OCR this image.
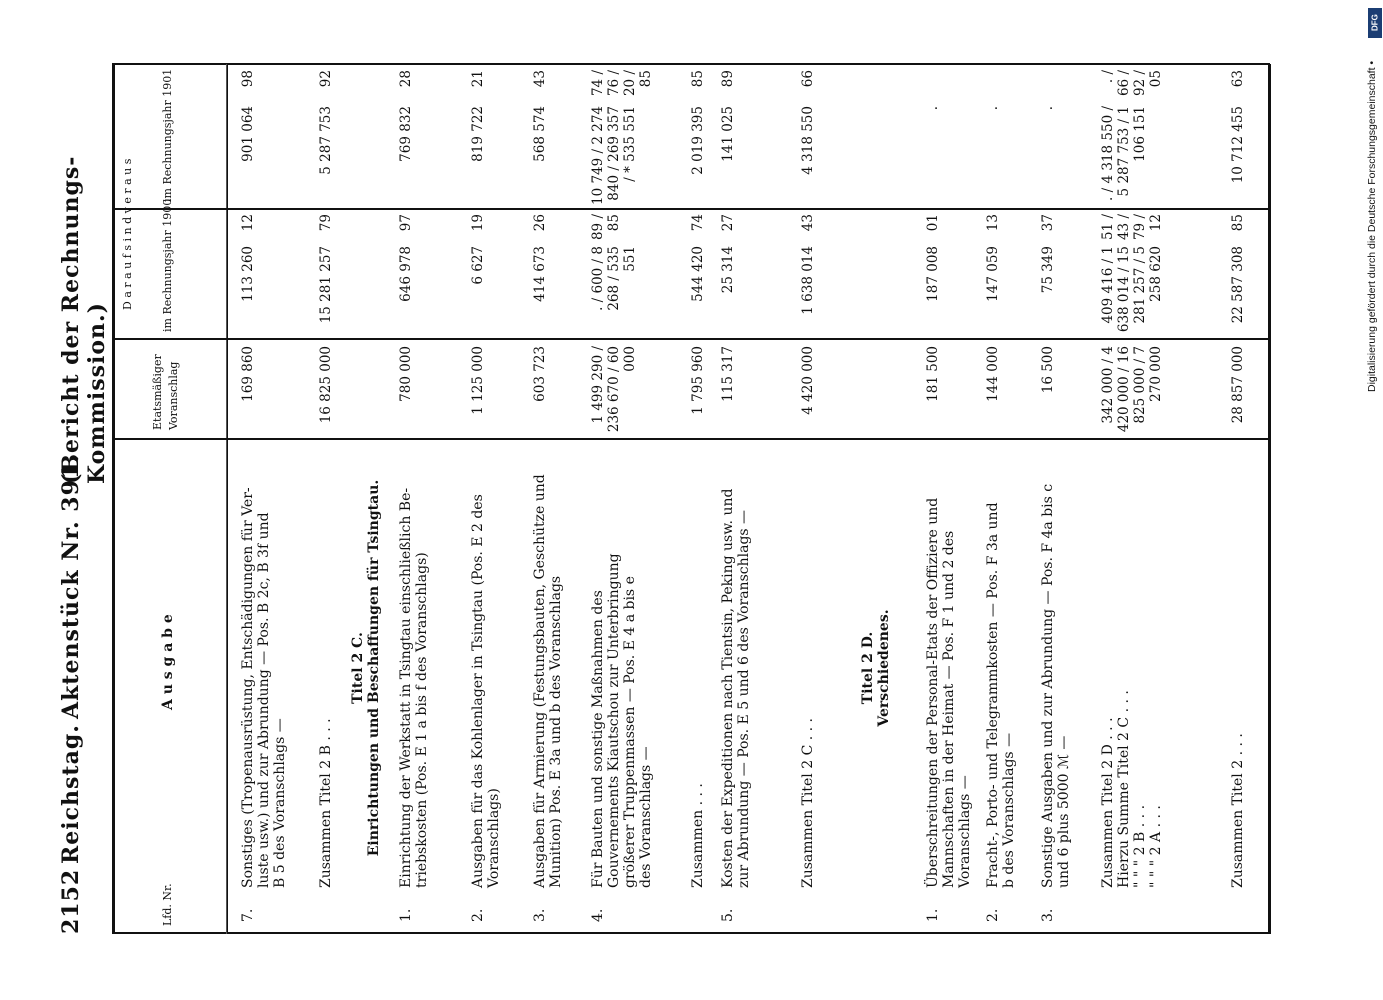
2152
Reichstag.
Aktenstück Nr. 391.
(Bericht der Rechnungs-Kommission.)
Lfd. Nr.
A u s g a b e
Etatsmäßiger Voranschlag
D a r a u f s i n d v e r a u s im Rechnungsjahr 1900
im Rechnungsjahr 1901
7.
Sonstiges (Tropenausrüstung, Entschädigungen für Ver- luste usw.) und zur Abrundung — Pos. B 2c, B 3f und B 5 des Voranschlags —
169 860
113 260
12
901 064
98
Zusammen Titel 2 B . . .
16 825 000
15 281 257
79
5 287 753
92
Titel 2 C. Einrichtungen und Beschaffungen für Tsingtau.
1.
Einrichtung der Werkstatt in Tsingtau einschließlich Be- triebskosten (Pos. E 1 a bis f des Voranschlags)
780 000
646 978
97
769 832
28
2.
Ausgaben für das Kohlenlager in Tsingtau (Pos. E 2 des Voranschlags)
1 125 000
6 627
19
819 722
21
3.
Ausgaben für Armierung (Festungsbauten, Geschütze und Munition) Pos. E 3a und b des Voranschlags
603 723
414 673
26
568 574
43
4.
Für Bauten und sonstige Maßnahmen des Gouvernements Kiautschou zur Unterbringung größerer Truppenmassen — Pos. E 4 a bis e des Voranschlags —
1 499 290 / 236 670 / 60 000
. / 600 / 8 268 / 535 551
89 / 85
10 749 / 2 274 840 / 269 357 / * 535 551
74 / 76 / 20 / 85
Zusammen . . .
1 795 960
544 420
74
2 019 395
85
5.
Kosten der Expeditionen nach Tientsin, Peking usw. und zur Abrundung — Pos. E 5 und 6 des Voranschlags —
115 317
25 314
27
141 025
89
Zusammen Titel 2 C . . .
4 420 000
1 638 014
43
4 318 550
66
Titel 2 D. Verschiedenes.
1.
Überschreitungen der Personal-Etats der Offiziere und Mannschaften in der Heimat — Pos. F 1 und 2 des Voranschlags —
181 500
187 008
01
.
2.
Fracht-, Porto- und Telegrammkosten — Pos. F 3a und b des Voranschlags —
144 000
147 059
13
.
3.
Sonstige Ausgaben und zur Abrundung — Pos. F 4a bis c und 6 plus 5000 ℳ —
16 500
75 349
37
.
Zusammen Titel 2 D . . . Hierzu Summe Titel 2 C . . . " " " 2 B . . . " " " 2 A . . .
342 000 / 4 420 000 / 16 825 000 / 7 270 000
409 416 / 1 638 014 / 15 281 257 / 5 258 620
51 / 43 / 79 / 12
. / 4 318 550 / 5 287 753 / 1 106 151
. / 66 / 92 / 05
Zusammen Titel 2 . . .
28 857 000
22 587 308
85
10 712 455
63	Digitalisierung gefördert durch die Deutsche Forschungsgemeinschaft •
DFG
